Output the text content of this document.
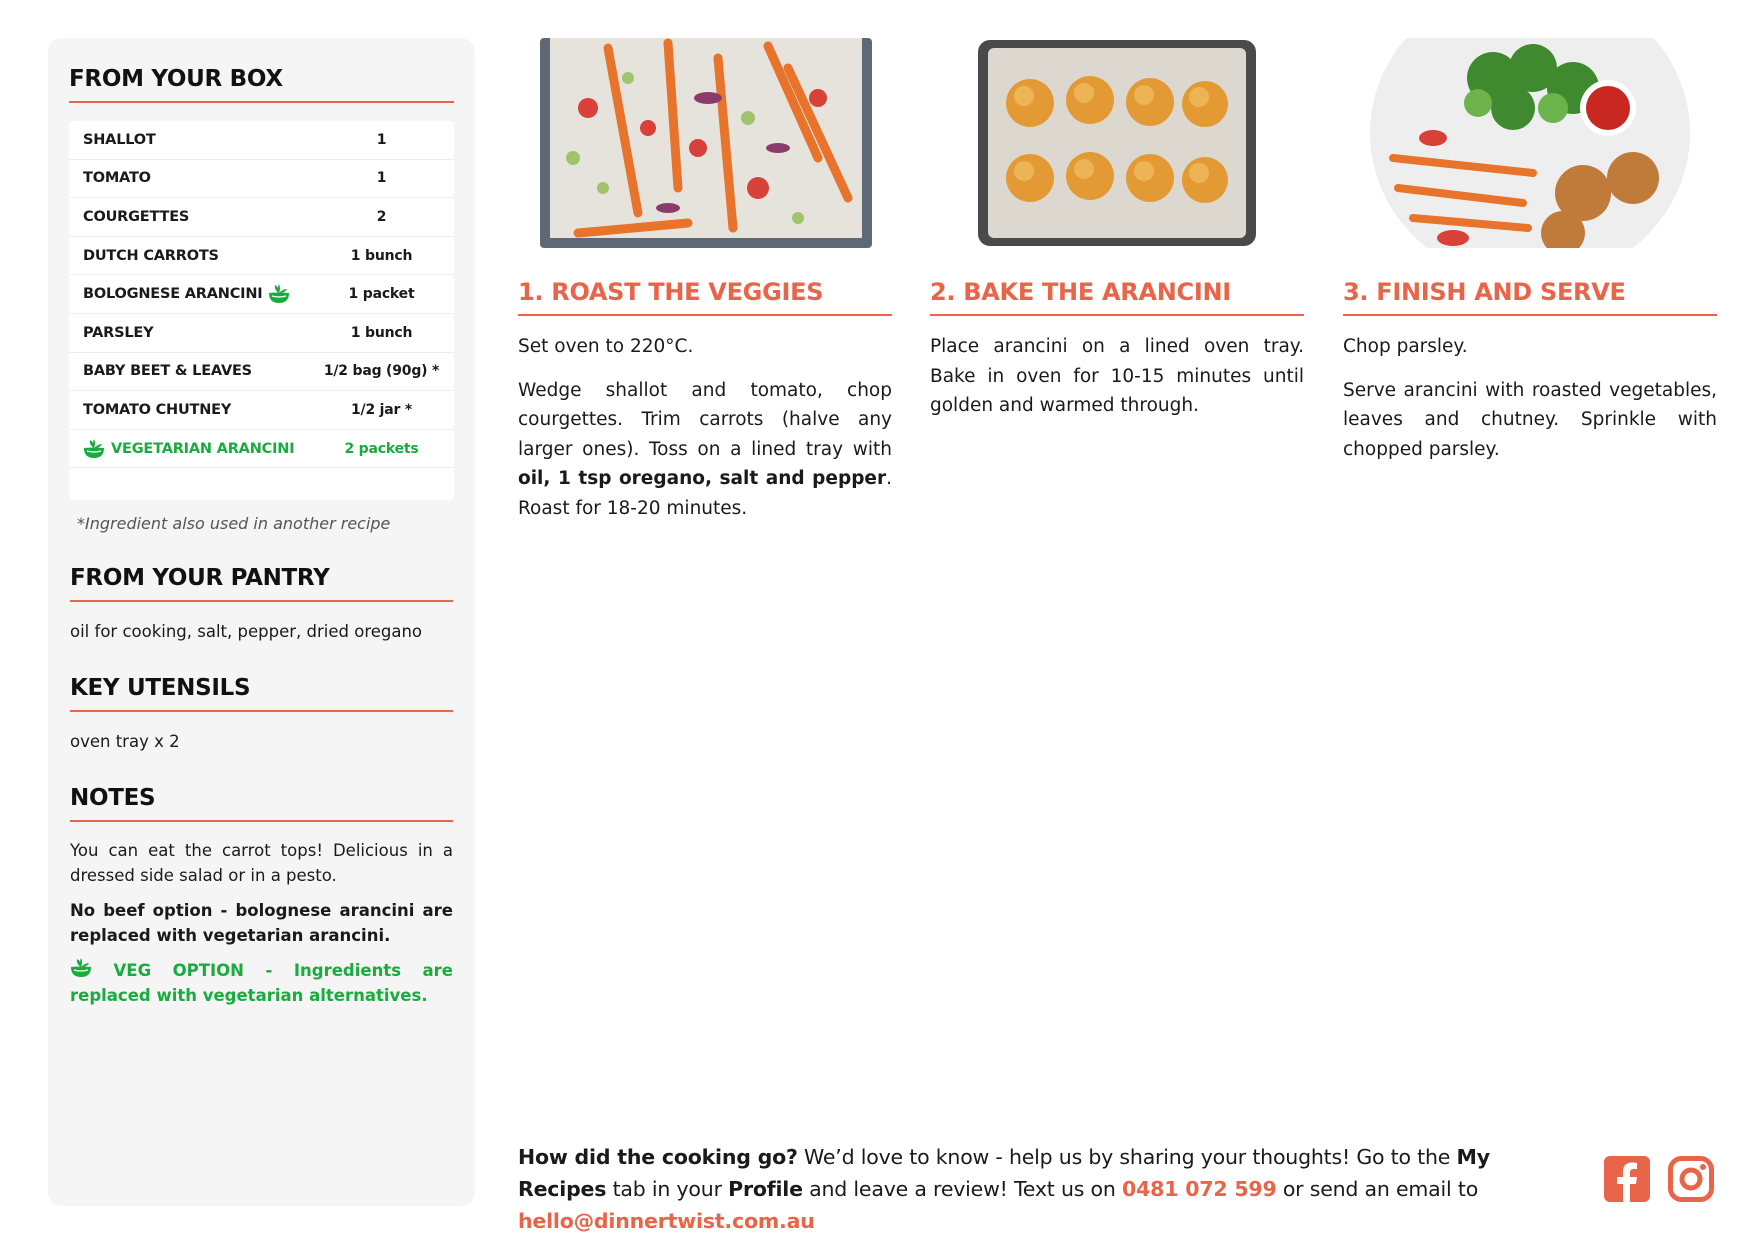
FROM YOUR BOX
SHALLOT	1
TOMATO	1
COURGETTES	2
DUTCH CARROTS	1 bunch
BOLOGNESE ARANCINI	1 packet
PARSLEY	1 bunch
BABY BEET & LEAVES	1/2 bag (90g) *
TOMATO CHUTNEY	1/2 jar *
VEGETARIAN ARANCINI	2 packets
*Ingredient also used in another recipe
FROM YOUR PANTRY

oil for cooking, salt, pepper, dried oregano

KEY UTENSILS

oven tray x 2

NOTES

You can eat the carrot tops! Delicious in a dressed side salad or in a pesto.

No beef option - bolognese arancini are replaced with vegetarian arancini.

VEG OPTION - Ingredients are replaced with vegetarian alternatives.

1. ROAST THE VEGGIES

Set oven to 220°C.

Wedge shallot and tomato, chop courgettes. Trim carrots (halve any larger ones). Toss on a lined tray with oil, 1 tsp oregano, salt and pepper. Roast for 18-20 minutes.

2. BAKE THE ARANCINI

Place arancini on a lined oven tray. Bake in oven for 10-15 minutes until golden and warmed through.

3. FINISH AND SERVE

Chop parsley.

Serve arancini with roasted vegetables, leaves and chutney. Sprinkle with chopped parsley.

How did the cooking go? We’d love to know - help us by sharing your thoughts! Go to the My Recipes tab in your Profile and leave a review! Text us on 0481 072 599 or send an email to hello@dinnertwist.com.au
